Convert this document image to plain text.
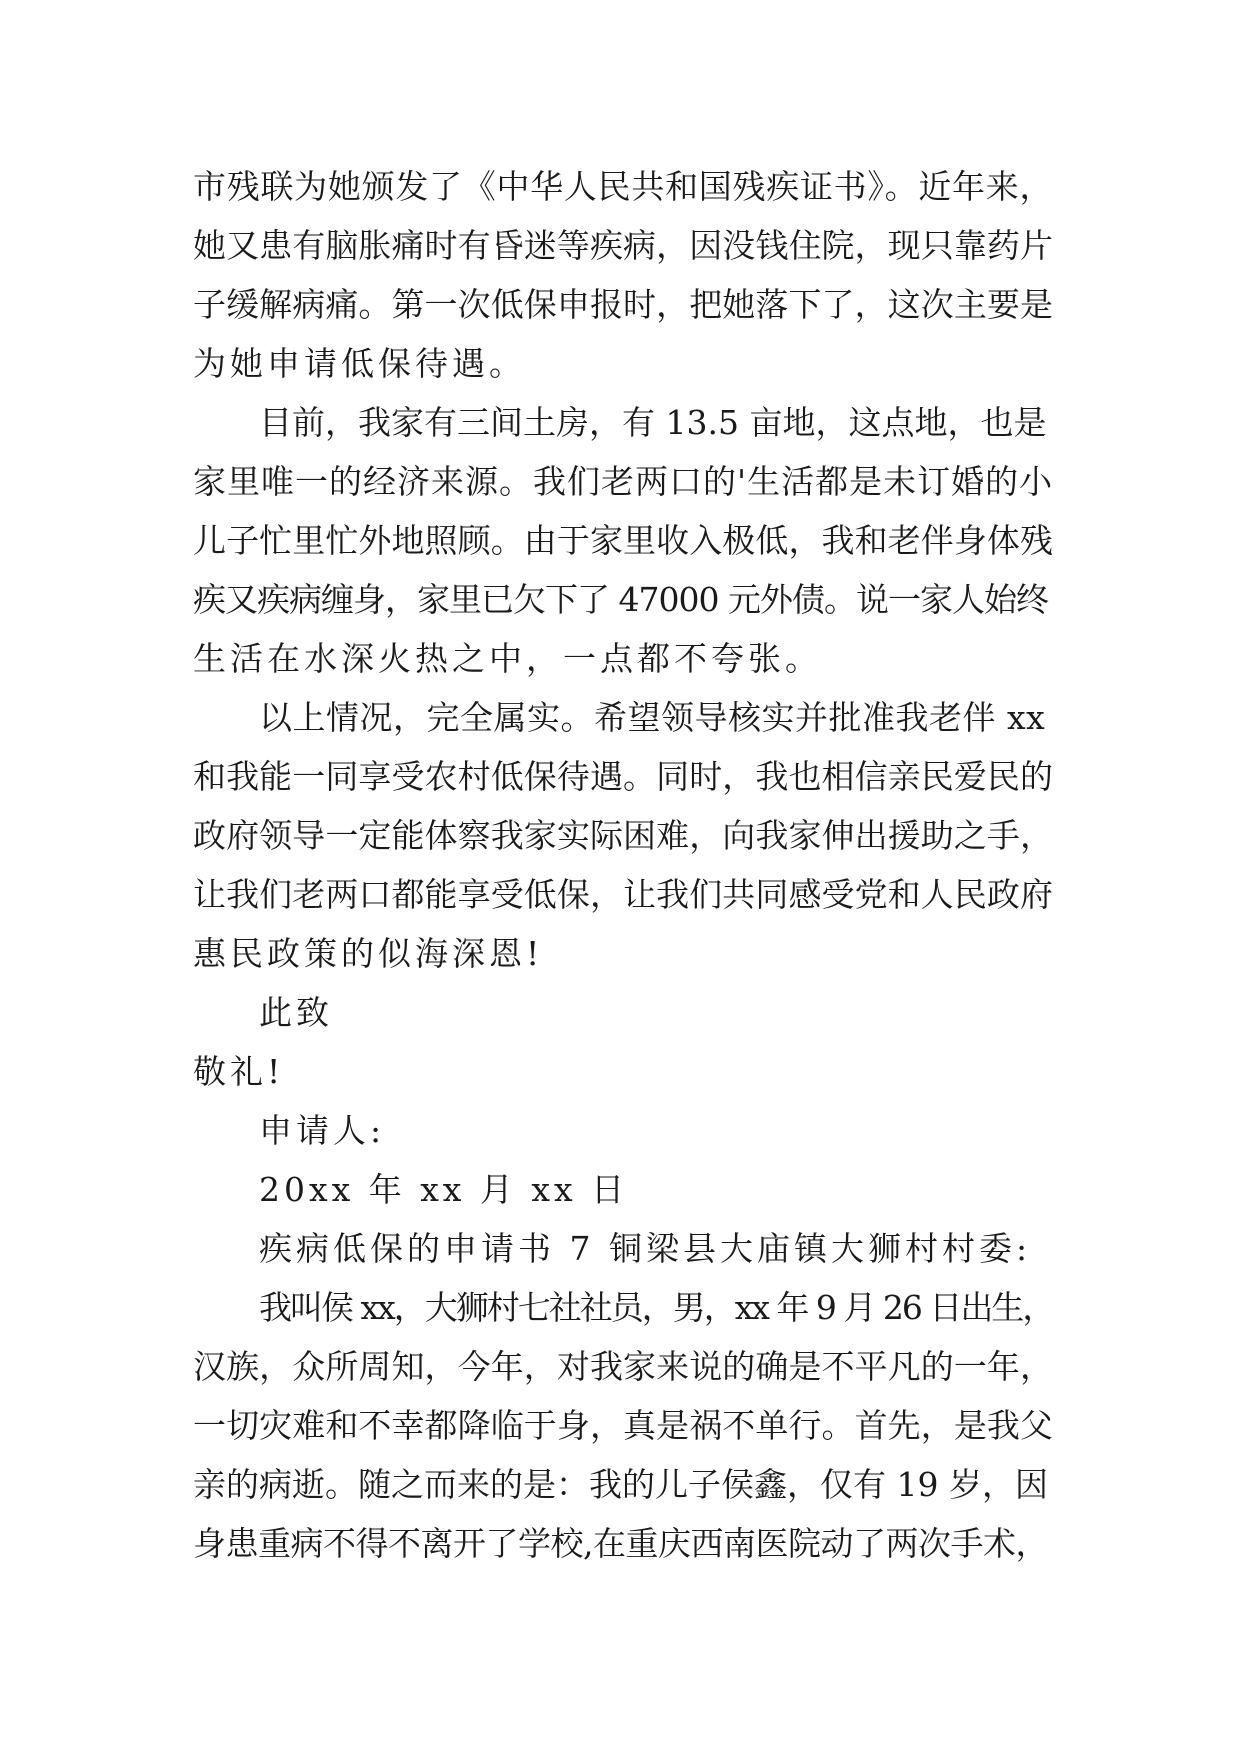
市残联为她颁发了《中华人民共和国残疾证书》。近年来，
她又患有脑胀痛时有昏迷等疾病，因没钱住院，现只靠药片
子缓解病痛。第一次低保申报时，把她落下了，这次主要是
为她申请低保待遇。
目前，我家有三间土房，有 13.5 亩地，这点地，也是
家里唯一的经济来源。我们老两口的'生活都是未订婚的小
儿子忙里忙外地照顾。由于家里收入极低，我和老伴身体残
疾又疾病缠身，家里已欠下了 47000 元外债。说一家人始终
生活在水深火热之中，一点都不夸张。
以上情况，完全属实。希望领导核实并批准我老伴 xx
和我能一同享受农村低保待遇。同时，我也相信亲民爱民的
政府领导一定能体察我家实际困难，向我家伸出援助之手，
让我们老两口都能享受低保，让我们共同感受党和人民政府
惠民政策的似海深恩!
此致
敬礼!
申请人:
20xx 年 xx 月 xx 日
疾病低保的申请书 7 铜梁县大庙镇大狮村村委:
我叫侯 xx，大狮村七社社员，男，xx 年 9 月 26 日出生，
汉族，众所周知，今年，对我家来说的确是不平凡的一年，
一切灾难和不幸都降临于身，真是祸不单行。首先，是我父
亲的病逝。随之而来的是：我的儿子侯鑫，仅有 19 岁，因
身患重病不得不离开了学校,在重庆西南医院动了两次手术，
